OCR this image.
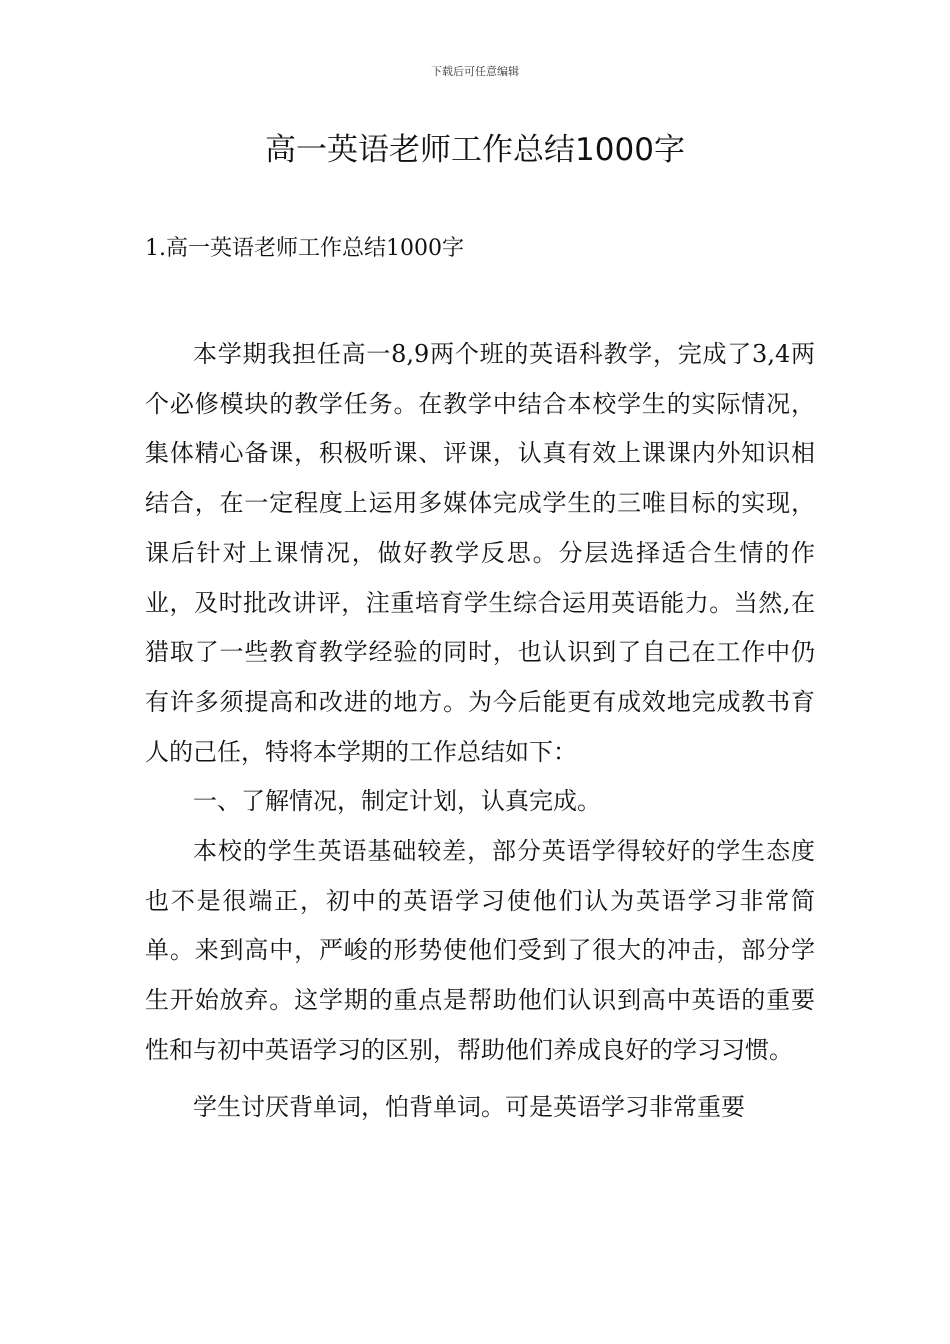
下载后可任意编辑
高一英语老师工作总结1000字
1.高一英语老师工作总结1000字

本学期我担任高一8,9两个班的英语科教学，完成了3,4两个必修模块的教学任务。在教学中结合本校学生的实际情况，集体精心备课，积极听课、评课，认真有效上课课内外知识相结合，在一定程度上运用多媒体完成学生的三唯目标的实现，课后针对上课情况，做好教学反思。分层选择适合生情的作业，及时批改讲评，注重培育学生综合运用英语能力。当然,在猎取了一些教育教学经验的同时，也认识到了自己在工作中仍有许多须提高和改进的地方。为今后能更有成效地完成教书育人的己任，特将本学期的工作总结如下：

一、了解情况，制定计划，认真完成。

本校的学生英语基础较差，部分英语学得较好的学生态度也不是很端正，初中的英语学习使他们认为英语学习非常简单。来到高中，严峻的形势使他们受到了很大的冲击，部分学生开始放弃。这学期的重点是帮助他们认识到高中英语的重要性和与初中英语学习的区别，帮助他们养成良好的学习习惯。

学生讨厌背单词，怕背单词。可是英语学习非常重要
